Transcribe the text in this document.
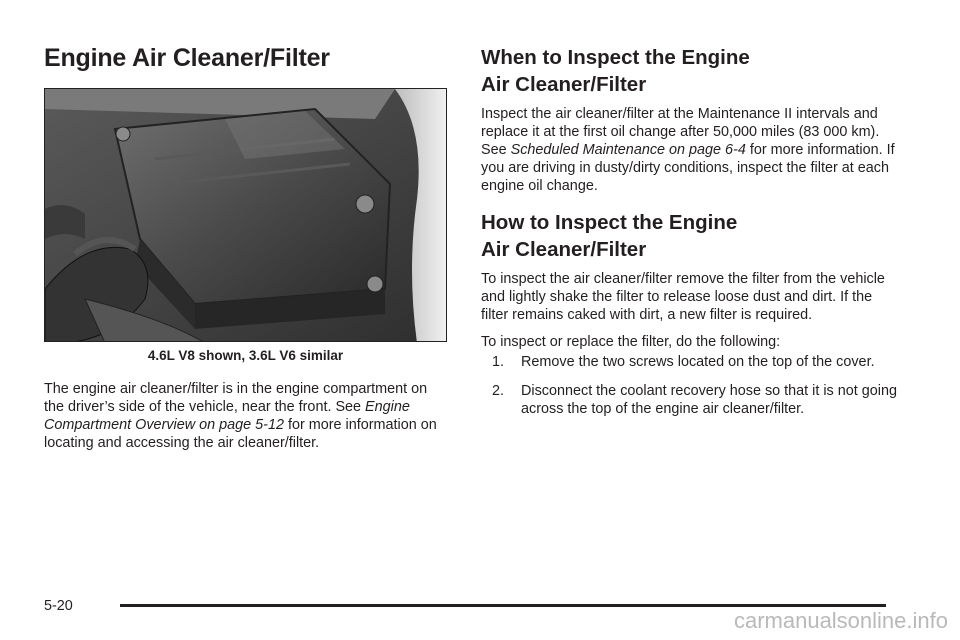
Engine Air Cleaner/Filter
4.6L V8 shown, 3.6L V6 similar

The engine air cleaner/filter is in the engine compartment on the driver’s side of the vehicle, near the front. See Engine Compartment Overview on page 5-12 for more information on locating and accessing the air cleaner/filter.

When to Inspect the Engine
Air Cleaner/Filter

Inspect the air cleaner/filter at the Maintenance II intervals and replace it at the first oil change after 50,000 miles (83 000 km). See Scheduled Maintenance on page 6-4 for more information. If you are driving in dusty/dirty conditions, inspect the filter at each engine oil change.

How to Inspect the Engine
Air Cleaner/Filter

To inspect the air cleaner/filter remove the filter from the vehicle and lightly shake the filter to release loose dust and dirt. If the filter remains caked with dirt, a new filter is required.

To inspect or replace the filter, do the following:

1. Remove the two screws located on the top of the cover.
2. Disconnect the coolant recovery hose so that it is not going across the top of the engine air cleaner/filter.
5-20
carmanualsonline.info
